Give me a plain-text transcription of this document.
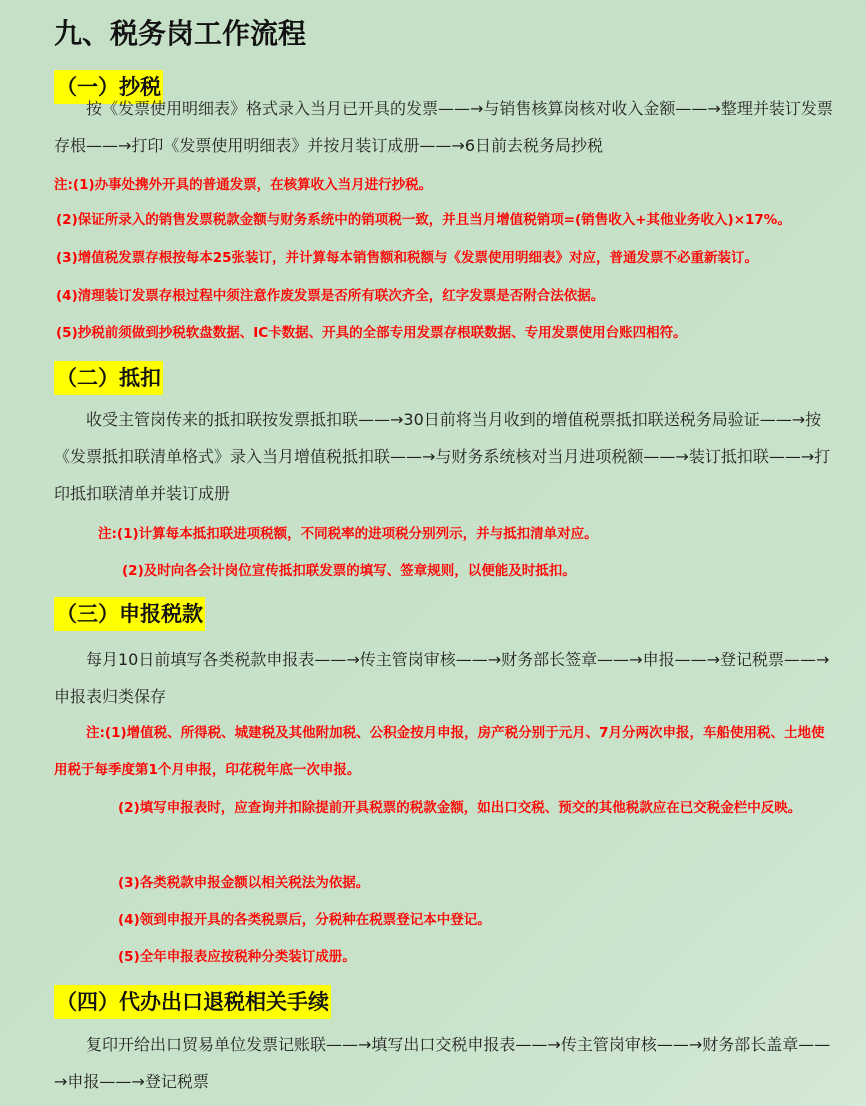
九、税务岗工作流程
（一）抄税
按《发票使用明细表》格式录入当月已开具的发票——→与销售核算岗核对收入金额——→整理并装订发票存根——→打印《发票使用明细表》并按月装订成册——→6日前去税务局抄税
注:(1)办事处携外开具的普通发票，在核算收入当月进行抄税。
(2)保证所录入的销售发票税款金额与财务系统中的销项税一致，并且当月增值税销项=(销售收入+其他业务收入)×17%。
(3)增值税发票存根按每本25张装订，并计算每本销售额和税额与《发票使用明细表》对应，普通发票不必重新装订。
(4)清理装订发票存根过程中须注意作废发票是否所有联次齐全，红字发票是否附合法依据。
(5)抄税前须做到抄税软盘数据、IC卡数据、开具的全部专用发票存根联数据、专用发票使用台账四相符。
（二）抵扣
收受主管岗传来的抵扣联按发票抵扣联——→30日前将当月收到的增值税票抵扣联送税务局验证——→按《发票抵扣联清单格式》录入当月增值税抵扣联——→与财务系统核对当月进项税额——→装订抵扣联——→打印抵扣联清单并装订成册
注:(1)计算每本抵扣联进项税额，不同税率的进项税分别列示，并与抵扣清单对应。
(2)及时向各会计岗位宣传抵扣联发票的填写、签章规则，以便能及时抵扣。
（三）申报税款
每月10日前填写各类税款申报表——→传主管岗审核——→财务部长签章——→申报——→登记税票——→申报表归类保存
注:(1)增值税、所得税、城建税及其他附加税、公积金按月申报，房产税分别于元月、7月分两次申报，车船使用税、土地使用税于每季度第1个月申报，印花税年底一次申报。
(2)填写申报表时，应查询并扣除提前开具税票的税款金额，如出口交税、预交的其他税款应在已交税金栏中反映。
(3)各类税款申报金额以相关税法为依据。
(4)领到申报开具的各类税票后，分税种在税票登记本中登记。
(5)全年申报表应按税种分类装订成册。
（四）代办出口退税相关手续
复印开给出口贸易单位发票记账联——→填写出口交税申报表——→传主管岗审核——→财务部长盖章——→申报——→登记税票
